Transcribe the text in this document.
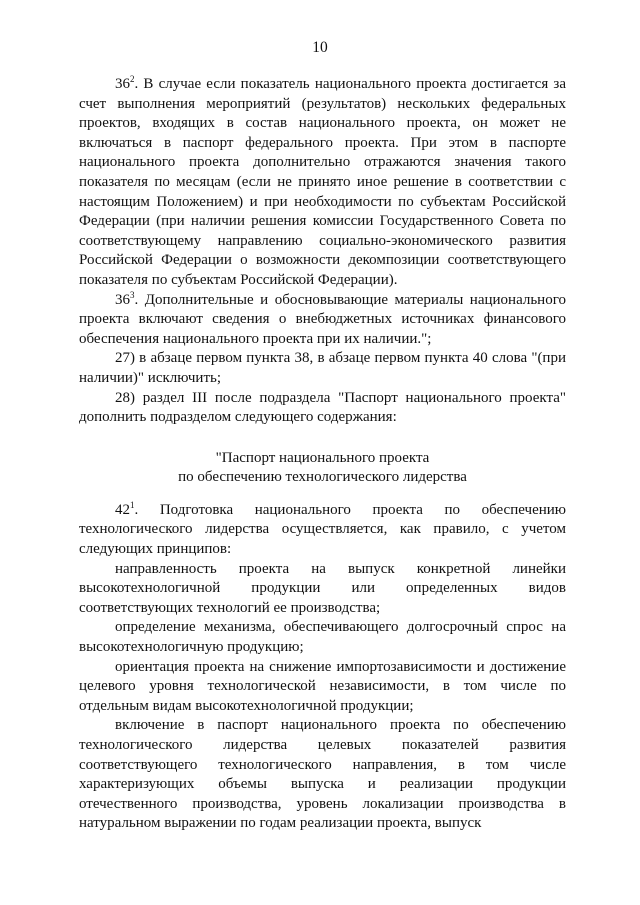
10

$36^2$. В случае если показатель национального проекта достигается за счет выполнения мероприятий (результатов) нескольких федеральных проектов, входящих в состав национального проекта, он может не включаться в паспорт федерального проекта. При этом в паспорте национального проекта дополнительно отражаются значения такого показателя по месяцам (если не принято иное решение в соответствии с настоящим Положением) и при необходимости по субъектам Российской Федерации (при наличии решения комиссии Государственного Совета по соответствующему направлению социально-экономического развития Российской Федерации о возможности декомпозиции соответствующего показателя по субъектам Российской Федерации).

$36^3$. Дополнительные и обосновывающие материалы национального проекта включают сведения о внебюджетных источниках финансового обеспечения национального проекта при их наличии.";

27) в абзаце первом пункта 38, в абзаце первом пункта 40 слова "(при наличии)" исключить;

28) раздел III после подраздела "Паспорт национального проекта" дополнить подразделом следующего содержания:

"Паспорт национального проекта
по обеспечению технологического лидерства

$42^1$. Подготовка национального проекта по обеспечению технологического лидерства осуществляется, как правило, с учетом следующих принципов:

направленность проекта на выпуск конкретной линейки высокотехнологичной продукции или определенных видов соответствующих технологий ее производства;

определение механизма, обеспечивающего долгосрочный спрос на высокотехнологичную продукцию;

ориентация проекта на снижение импортозависимости и достижение целевого уровня технологической независимости, в том числе по отдельным видам высокотехнологичной продукции;

включение в паспорт национального проекта по обеспечению технологического лидерства целевых показателей развития соответствующего технологического направления, в том числе характеризующих объемы выпуска и реализации продукции отечественного производства, уровень локализации производства в натуральном выражении по годам реализации проекта, выпуск
